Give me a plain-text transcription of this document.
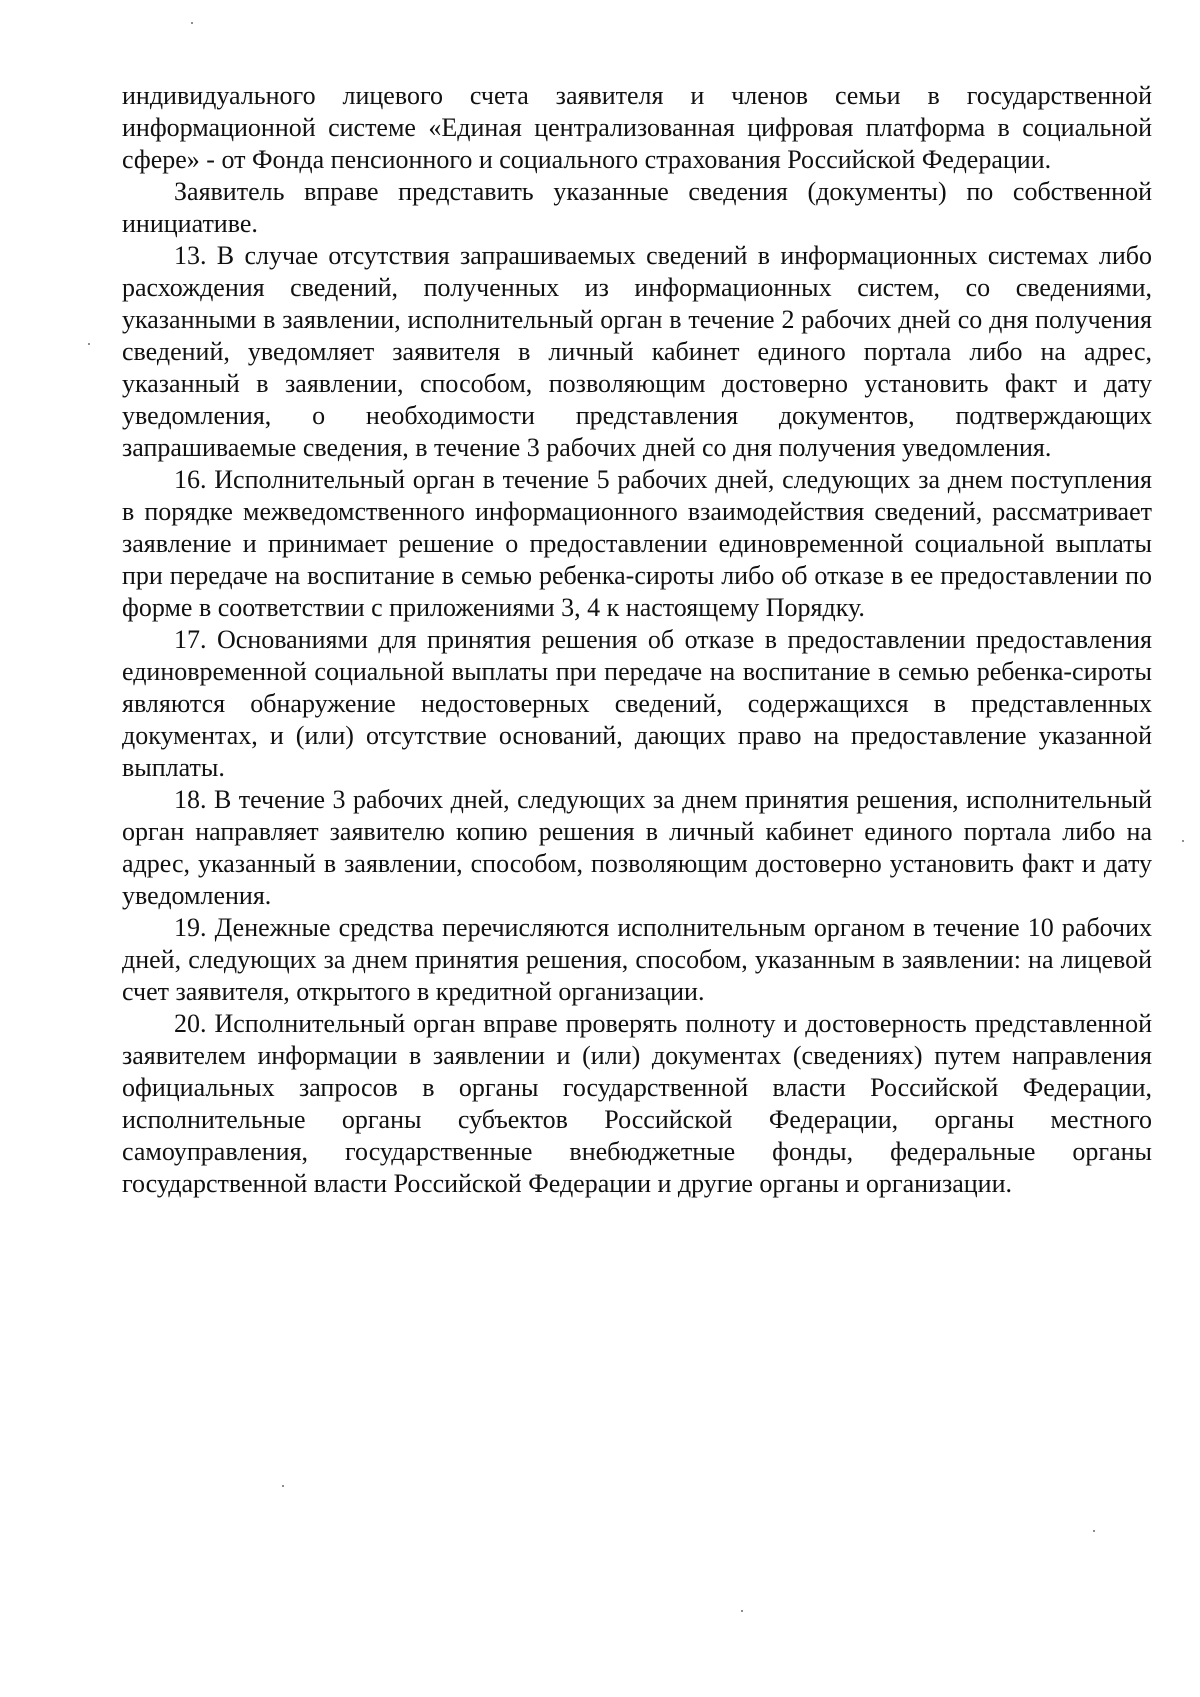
индивидуального лицевого счета заявителя и членов семьи в государственной информационной системе «Единая централизованная цифровая платформа в социальной сфере» - от Фонда пенсионного и социального страхования Российской Федерации.

Заявитель вправе представить указанные сведения (документы) по собственной инициативе.

13. В случае отсутствия запрашиваемых сведений в информационных системах либо расхождения сведений, полученных из информационных систем, со сведениями, указанными в заявлении, исполнительный орган в течение 2 рабочих дней со дня получения сведений, уведомляет заявителя в личный кабинет единого портала либо на адрес, указанный в заявлении, способом, позволяющим достоверно установить факт и дату уведомления, о необходимости представления документов, подтверждающих запрашиваемые сведения, в течение 3 рабочих дней со дня получения уведомления.

16. Исполнительный орган в течение 5 рабочих дней, следующих за днем поступления в порядке межведомственного информационного взаимодействия сведений, рассматривает заявление и принимает решение о предоставлении единовременной социальной выплаты при передаче на воспитание в семью ребенка-сироты либо об отказе в ее предоставлении по форме в соответствии с приложениями 3, 4 к настоящему Порядку.

17. Основаниями для принятия решения об отказе в предоставлении предоставления единовременной социальной выплаты при передаче на воспитание в семью ребенка-сироты являются обнаружение недостоверных сведений, содержащихся в представленных документах, и (или) отсутствие оснований, дающих право на предоставление указанной выплаты.

18. В течение 3 рабочих дней, следующих за днем принятия решения, исполнительный орган направляет заявителю копию решения в личный кабинет единого портала либо на адрес, указанный в заявлении, способом, позволяющим достоверно установить факт и дату уведомления.

19. Денежные средства перечисляются исполнительным органом в течение 10 рабочих дней, следующих за днем принятия решения, способом, указанным в заявлении: на лицевой счет заявителя, открытого в кредитной организации.

20. Исполнительный орган вправе проверять полноту и достоверность представленной заявителем информации в заявлении и (или) документах (сведениях) путем направления официальных запросов в органы государственной власти Российской Федерации, исполнительные органы субъектов Российской Федерации, органы местного самоуправления, государственные внебюджетные фонды, федеральные органы государственной власти Российской Федерации и другие органы и организации.
